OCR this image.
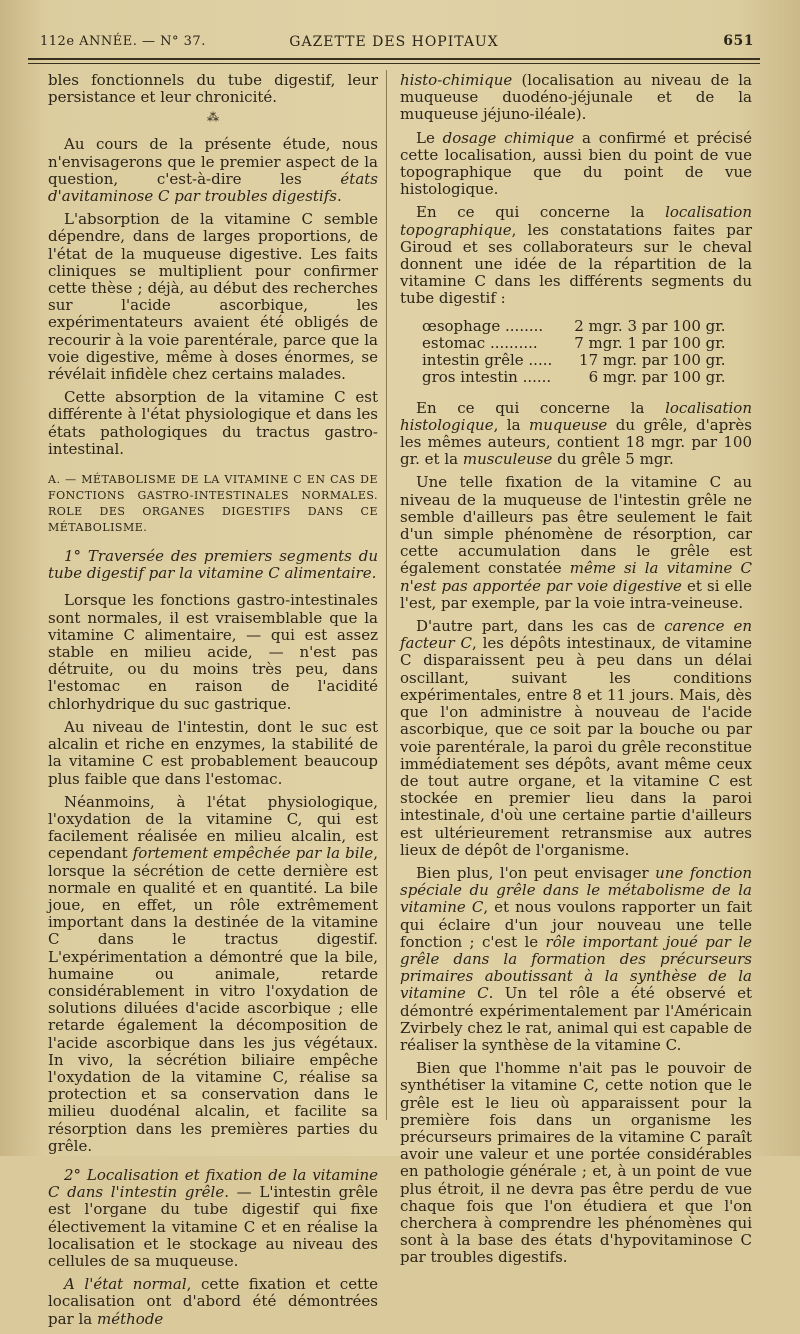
112e ANNÉE. — N° 37.	GAZETTE DES HOPITAUX	651

bles fonctionnels du tube digestif, leur persistance et leur chronicité.

⁂

Au cours de la présente étude, nous n'envisagerons que le premier aspect de la question, c'est-à-dire les états d'avitaminose C par troubles digestifs.

L'absorption de la vitamine C semble dépendre, dans de larges proportions, de l'état de la muqueuse digestive. Les faits cliniques se multiplient pour confirmer cette thèse ; déjà, au début des recherches sur l'acide ascorbique, les expérimentateurs avaient été obligés de recourir à la voie parentérale, parce que la voie digestive, même à doses énormes, se révélait infidèle chez certains malades.

Cette absorption de la vitamine C est différente à l'état physiologique et dans les états pathologiques du tractus gastro-intestinal.

A. — MÉTABOLISME DE LA VITAMINE C EN CAS DE FONCTIONS GASTRO-INTESTINALES NORMALES. ROLE DES ORGANES DIGESTIFS DANS CE MÉTABOLISME.

1° Traversée des premiers segments du tube digestif par la vitamine C alimentaire.

Lorsque les fonctions gastro-intestinales sont normales, il est vraisemblable que la vitamine C alimentaire, — qui est assez stable en milieu acide, — n'est pas détruite, ou du moins très peu, dans l'estomac en raison de l'acidité chlorhydrique du suc gastrique.

Au niveau de l'intestin, dont le suc est alcalin et riche en enzymes, la stabilité de la vitamine C est probablement beaucoup plus faible que dans l'estomac.

Néanmoins, à l'état physiologique, l'oxydation de la vitamine C, qui est facilement réalisée en milieu alcalin, est cependant fortement empêchée par la bile, lorsque la sécrétion de cette dernière est normale en qualité et en quantité. La bile joue, en effet, un rôle extrêmement important dans la destinée de la vitamine C dans le tractus digestif. L'expérimentation a démontré que la bile, humaine ou animale, retarde considérablement in vitro l'oxydation de solutions diluées d'acide ascorbique ; elle retarde également la décomposition de l'acide ascorbique dans les jus végétaux. In vivo, la sécrétion biliaire empêche l'oxydation de la vitamine C, réalise sa protection et sa conservation dans le milieu duodénal alcalin, et facilite sa résorption dans les premières parties du grêle.

2° Localisation et fixation de la vitamine C dans l'intestin grêle. — L'intestin grêle est l'organe du tube digestif qui fixe électivement la vitamine C et en réalise la localisation et le stockage au niveau des cellules de sa muqueuse.

A l'état normal, cette fixation et cette localisation ont d'abord été démontrées par la méthode

histo-chimique (localisation au niveau de la muqueuse duodéno-jéjunale et de la muqueuse jéjuno-iléale).

Le dosage chimique a confirmé et précisé cette localisation, aussi bien du point de vue topographique que du point de vue histologique.

En ce qui concerne la localisation topographique, les constatations faites par Giroud et ses collaborateurs sur le cheval donnent une idée de la répartition de la vitamine C dans les différents segments du tube digestif :

œsophage ........	2 mgr. 3 par 100 gr.
estomac ..........	7 mgr. 1 par 100 gr.
intestin grêle .....	17 mgr. par 100 gr.
gros intestin ......	6 mgr. par 100 gr.

En ce qui concerne la localisation histologique, la muqueuse du grêle, d'après les mêmes auteurs, contient 18 mgr. par 100 gr. et la musculeuse du grêle 5 mgr.

Une telle fixation de la vitamine C au niveau de la muqueuse de l'intestin grêle ne semble d'ailleurs pas être seulement le fait d'un simple phénomène de résorption, car cette accumulation dans le grêle est également constatée même si la vitamine C n'est pas apportée par voie digestive et si elle l'est, par exemple, par la voie intra-veineuse.

D'autre part, dans les cas de carence en facteur C, les dépôts intestinaux, de vitamine C disparaissent peu à peu dans un délai oscillant, suivant les conditions expérimentales, entre 8 et 11 jours. Mais, dès que l'on administre à nouveau de l'acide ascorbique, que ce soit par la bouche ou par voie parentérale, la paroi du grêle reconstitue immédiatement ses dépôts, avant même ceux de tout autre organe, et la vitamine C est stockée en premier lieu dans la paroi intestinale, d'où une certaine partie d'ailleurs est ultérieurement retransmise aux autres lieux de dépôt de l'organisme.

Bien plus, l'on peut envisager une fonction spéciale du grêle dans le métabolisme de la vitamine C, et nous voulons rapporter un fait qui éclaire d'un jour nouveau une telle fonction ; c'est le rôle important joué par le grêle dans la formation des précurseurs primaires aboutissant à la synthèse de la vitamine C. Un tel rôle a été observé et démontré expérimentalement par l'Américain Zvirbely chez le rat, animal qui est capable de réaliser la synthèse de la vitamine C.

Bien que l'homme n'ait pas le pouvoir de synthétiser la vitamine C, cette notion que le grêle est le lieu où apparaissent pour la première fois dans un organisme les précurseurs primaires de la vitamine C paraît avoir une valeur et une portée considérables en pathologie générale ; et, à un point de vue plus étroit, il ne devra pas être perdu de vue chaque fois que l'on étudiera et que l'on cherchera à comprendre les phénomènes qui sont à la base des états d'hypovitaminose C par troubles digestifs.
